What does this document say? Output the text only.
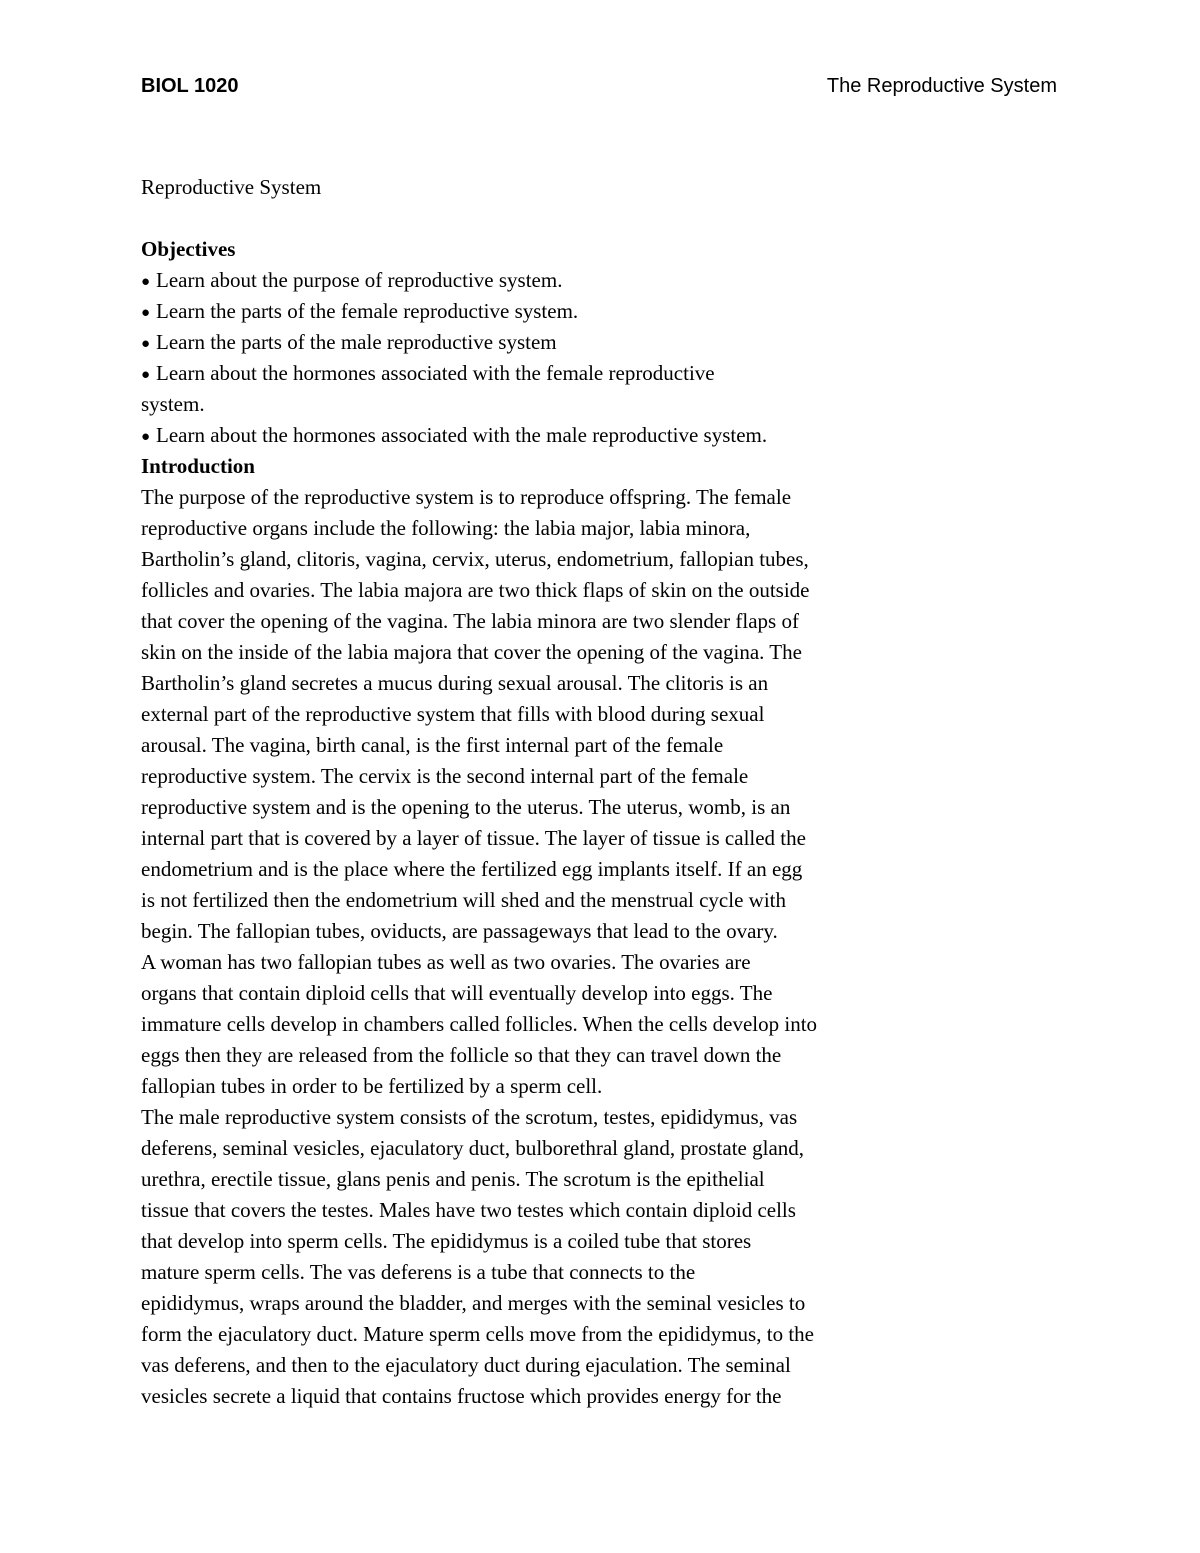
BIOL 1020	The Reproductive System
Reproductive System
Objectives
● Learn about the purpose of reproductive system.
● Learn the parts of the female reproductive system.
● Learn the parts of the male reproductive system
● Learn about the hormones associated with the female reproductive
system.
● Learn about the hormones associated with the male reproductive system.
Introduction
The purpose of the reproductive system is to reproduce offspring. The female
reproductive organs include the following: the labia major, labia minora,
Bartholin’s gland, clitoris, vagina, cervix, uterus, endometrium, fallopian tubes,
follicles and ovaries. The labia majora are two thick flaps of skin on the outside
that cover the opening of the vagina. The labia minora are two slender flaps of
skin on the inside of the labia majora that cover the opening of the vagina. The
Bartholin’s gland secretes a mucus during sexual arousal. The clitoris is an
external part of the reproductive system that fills with blood during sexual
arousal. The vagina, birth canal, is the first internal part of the female
reproductive system. The cervix is the second internal part of the female
reproductive system and is the opening to the uterus. The uterus, womb, is an
internal part that is covered by a layer of tissue. The layer of tissue is called the
endometrium and is the place where the fertilized egg implants itself. If an egg
is not fertilized then the endometrium will shed and the menstrual cycle with
begin. The fallopian tubes, oviducts, are passageways that lead to the ovary.
A woman has two fallopian tubes as well as two ovaries. The ovaries are
organs that contain diploid cells that will eventually develop into eggs. The
immature cells develop in chambers called follicles. When the cells develop into
eggs then they are released from the follicle so that they can travel down the
fallopian tubes in order to be fertilized by a sperm cell.
The male reproductive system consists of the scrotum, testes, epididymus, vas
deferens, seminal vesicles, ejaculatory duct, bulborethral gland, prostate gland,
urethra, erectile tissue, glans penis and penis. The scrotum is the epithelial
tissue that covers the testes. Males have two testes which contain diploid cells
that develop into sperm cells. The epididymus is a coiled tube that stores
mature sperm cells. The vas deferens is a tube that connects to the
epididymus, wraps around the bladder, and merges with the seminal vesicles to
form the ejaculatory duct. Mature sperm cells move from the epididymus, to the
vas deferens, and then to the ejaculatory duct during ejaculation. The seminal
vesicles secrete a liquid that contains fructose which provides energy for the
